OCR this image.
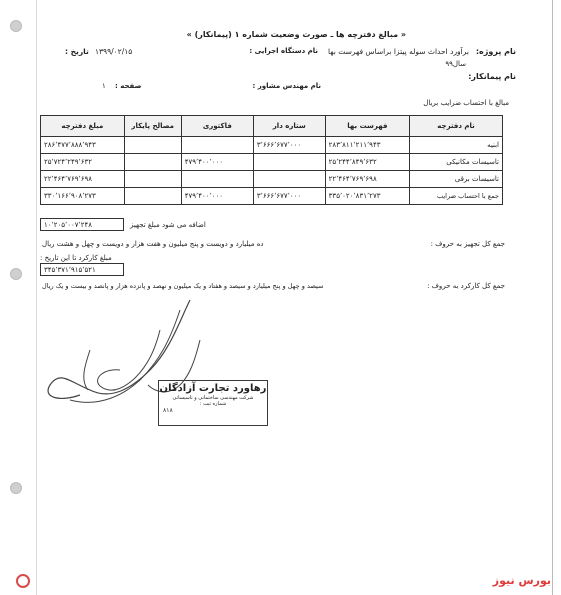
« مبالغ دفترچه ها ـ صورت وضعیت شماره ۱ (پیمانکار) »
نام پروژه:
برآورد احداث سوله پیتزا براساس فهرست بها
تاریخ : ۱۳۹۹/۰۲/۱۵	نام دستگاه اجرایی :
سال۹۹
نام پیمانکار:
نام مهندس مشاور :
صفحه :
۱
مبالغ با احتساب ضرایب بریال
نام دفترچه	فهرست بها	ستاره دار	فاکتوری	مصالح پایکار	مبلغ دفترچه
ابنیه	۲۸۳٬۸۱۱٬۲۱۱٬۹۴۳	۳٬۶۶۶٬۶۷۷٬۰۰۰			۲۸۶٬۴۷۷٬۸۸۸٬۹۴۳
تاسیسات مکانیکی	۲۵٬۲۴۴٬۸۴۹٬۶۳۲		۴۷۹٬۴۰۰٬۰۰۰		۲۵٬۷۲۴٬۲۴۹٬۶۳۲
تاسیسات برقی	۲۲٬۴۶۴٬۷۶۹٬۶۹۸				۲۲٬۴۶۴٬۷۶۹٬۶۹۸
جمع با احتساب ضرایب	۳۳۵٬۰۲۰٬۸۳۱٬۲۷۳	۳٬۶۶۶٬۶۷۷٬۰۰۰	۴۷۹٬۴۰۰٬۰۰۰		۳۳۰٬۱۶۶٬۹۰۸٬۲۷۳
۱۰٬۲۰۵٬۰۰۷٬۲۴۸	اضافه می شود مبلغ تجهیز
جمع کل تجهیز به حروف :
ده میلیارد و دویست و پنج میلیون و هفت هزار و دویست و چهل و هشت ریال
مبلغ کارکرد تا این تاریخ :
۳۴۵٬۳۷۱٬۹۱۵٬۵۲۱
جمع کل کارکرد به حروف :
سیصد و چهل و پنج میلیارد و سیصد و هفتاد و یک میلیون و نهصد و پانزده هزار و پانصد و بیست و یک ریال
رهاورد تجارت آزادگان
شرکت مهندسی ساختمانی و تاسیساتی
شماره ثبت :
۸۱۸
بورس نیوز
